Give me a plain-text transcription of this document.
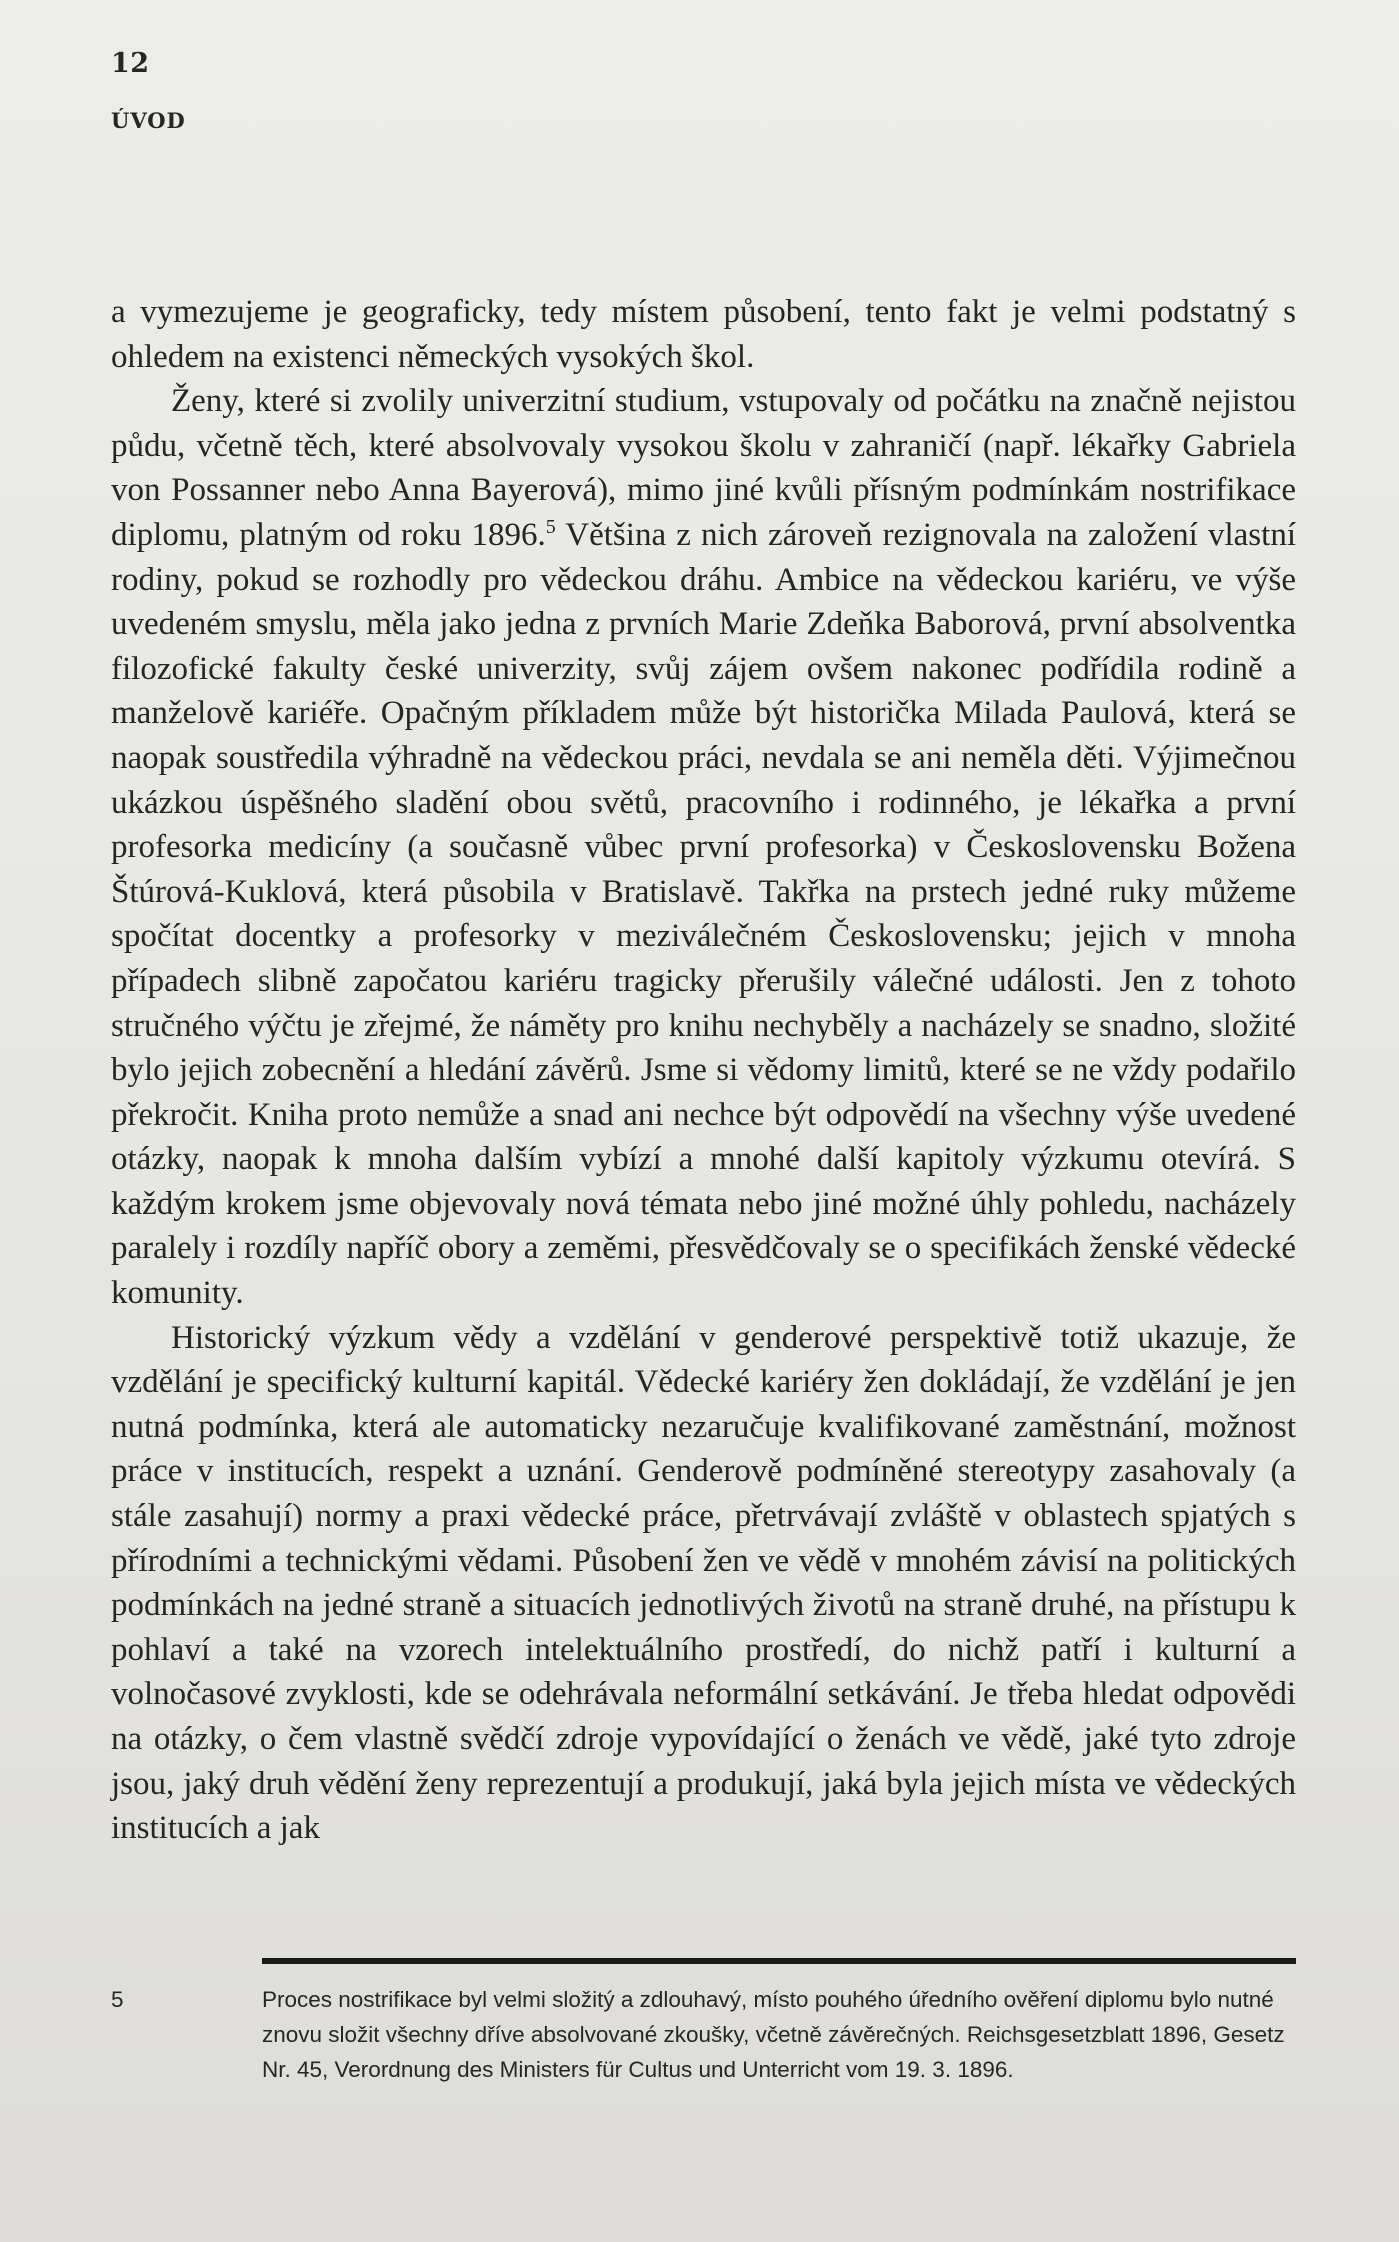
12
ÚVOD

a vymezujeme je geograficky, tedy místem působení, tento fakt je velmi podstatný s ohledem na existenci německých vysokých škol.

Ženy, které si zvolily univerzitní studium, vstupovaly od počátku na značně nejistou půdu, včetně těch, které absolvovaly vysokou školu v zahraničí (např. lékařky Gabriela von Possanner nebo Anna Bayerová), mimo jiné kvůli přísným podmínkám nostrifikace diplomu, platným od roku 1896.$^5$ Většina z nich zároveň rezignovala na založení vlastní rodiny, pokud se rozhodly pro vědeckou dráhu. Ambice na vědeckou kariéru, ve výše uvedeném smyslu, měla jako jedna z prvních Marie Zdeňka Baborová, první absolventka filozofické fakulty české univerzity, svůj zájem ovšem nakonec podřídila rodině a manželově kariéře. Opačným příkladem může být historička Milada Paulová, která se naopak soustředila výhradně na vědeckou práci, nevdala se ani neměla děti. Výjimečnou ukázkou úspěšného sladění obou světů, pracovního i rodinného, je lékařka a první profesorka medicíny (a současně vůbec první profesorka) v Československu Božena Štúrová-Kuklová, která působila v Bratislavě. Takřka na prstech jedné ruky můžeme spočítat docentky a profesorky v meziválečném Československu; jejich v mnoha případech slibně započatou kariéru tragicky přerušily válečné události. Jen z tohoto stručného výčtu je zřejmé, že náměty pro knihu nechyběly a nacházely se snadno, složité bylo jejich zobecnění a hledání závěrů. Jsme si vědomy limitů, které se ne vždy podařilo překročit. Kniha proto nemůže a snad ani nechce být odpovědí na všechny výše uvedené otázky, naopak k mnoha dalším vybízí a mnohé další kapitoly výzkumu otevírá. S každým krokem jsme objevovaly nová témata nebo jiné možné úhly pohledu, nacházely paralely i rozdíly napříč obory a zeměmi, přesvědčovaly se o specifikách ženské vědecké komunity.

Historický výzkum vědy a vzdělání v genderové perspektivě totiž ukazuje, že vzdělání je specifický kulturní kapitál. Vědecké kariéry žen dokládají, že vzdělání je jen nutná podmínka, která ale automaticky nezaručuje kvalifikované zaměstnání, možnost práce v institucích, respekt a uznání. Genderově podmíněné stereotypy zasahovaly (a stále zasahují) normy a praxi vědecké práce, přetrvávají zvláště v oblastech spjatých s přírodními a technickými vědami. Působení žen ve vědě v mnohém závisí na politických podmínkách na jedné straně a situacích jednotlivých životů na straně druhé, na přístupu k pohlaví a také na vzorech intelektuálního prostředí, do nichž patří i kulturní a volnočasové zvyklosti, kde se odehrávala neformální setkávání. Je třeba hledat odpovědi na otázky, o čem vlastně svědčí zdroje vypovídající o ženách ve vědě, jaké tyto zdroje jsou, jaký druh vědění ženy reprezentují a produkují, jaká byla jejich místa ve vědeckých institucích a jak

5	Proces nostrifikace byl velmi složitý a zdlouhavý, místo pouhého úředního ověření diplomu bylo nutné znovu složit všechny dříve absolvované zkoušky, včetně závěrečných. Reichsgesetzblatt 1896, Gesetz Nr. 45, Verordnung des Ministers für Cultus und Unterricht vom 19. 3. 1896.
